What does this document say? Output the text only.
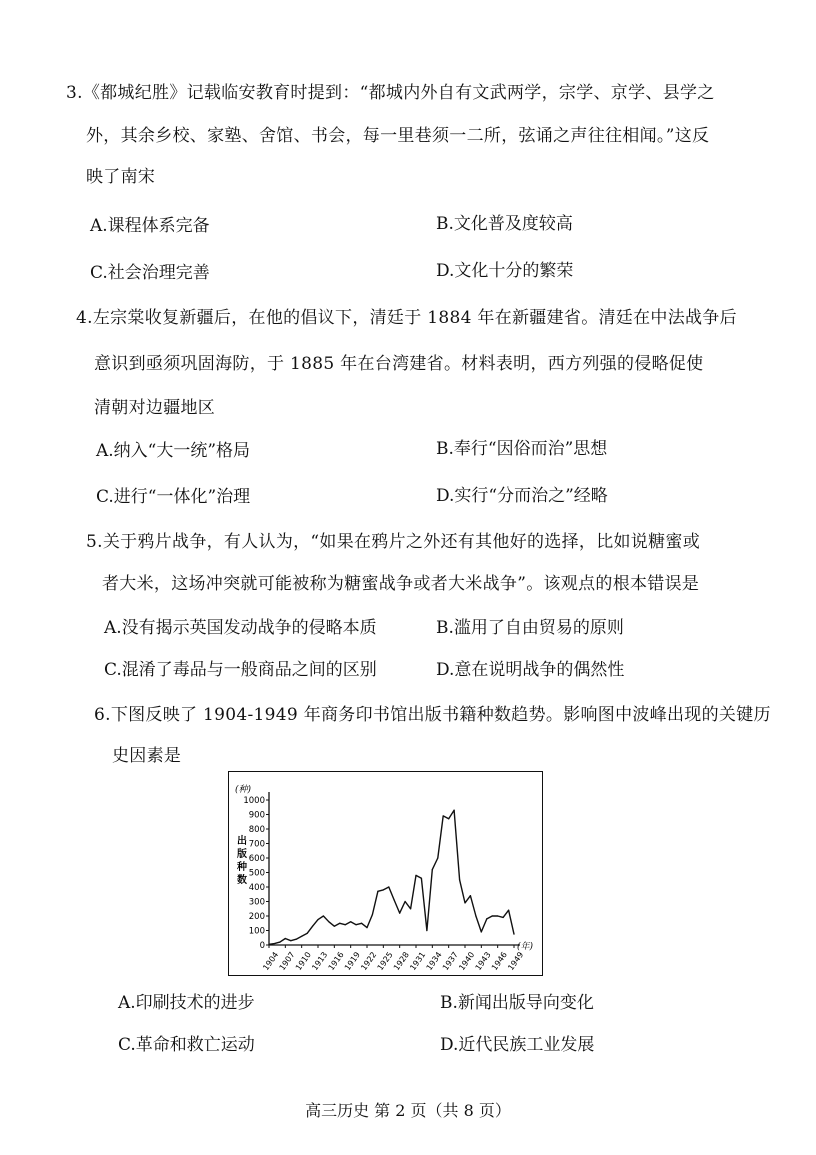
3.《都城纪胜》记载临安教育时提到：“都城内外自有文武两学，宗学、京学、县学之
外，其余乡校、家塾、舍馆、书会，每一里巷须一二所，弦诵之声往往相闻。”这反
映了南宋
A.课程体系完备	B.文化普及度较高
C.社会治理完善	D.文化十分的繁荣
4.左宗棠收复新疆后，在他的倡议下，清廷于 1884 年在新疆建省。清廷在中法战争后
意识到亟须巩固海防，于 1885 年在台湾建省。材料表明，西方列强的侵略促使
清朝对边疆地区
A.纳入“大一统”格局	B.奉行“因俗而治”思想
C.进行“一体化”治理	D.实行“分而治之”经略
5.关于鸦片战争，有人认为，“如果在鸦片之外还有其他好的选择，比如说糖蜜或
者大米，这场冲突就可能被称为糖蜜战争或者大米战争”。该观点的根本错误是
A.没有揭示英国发动战争的侵略本质	B.滥用了自由贸易的原则
C.混淆了毒品与一般商品之间的区别	D.意在说明战争的偶然性
6.下图反映了 1904-1949 年商务印书馆出版书籍种数趋势。影响图中波峰出现的关键历
史因素是
(种)
0
100
200
300
400
500
600
700
800
900
1000
出
版
种
数
1904
1907
1910
1913
1916
1919
1922
1925
1928
1931
1934
1937
1940
1943
1946
1949
(年)
A.印刷技术的进步	B.新闻出版导向变化
C.革命和救亡运动	D.近代民族工业发展
高三历史 第 2 页（共 8 页）
